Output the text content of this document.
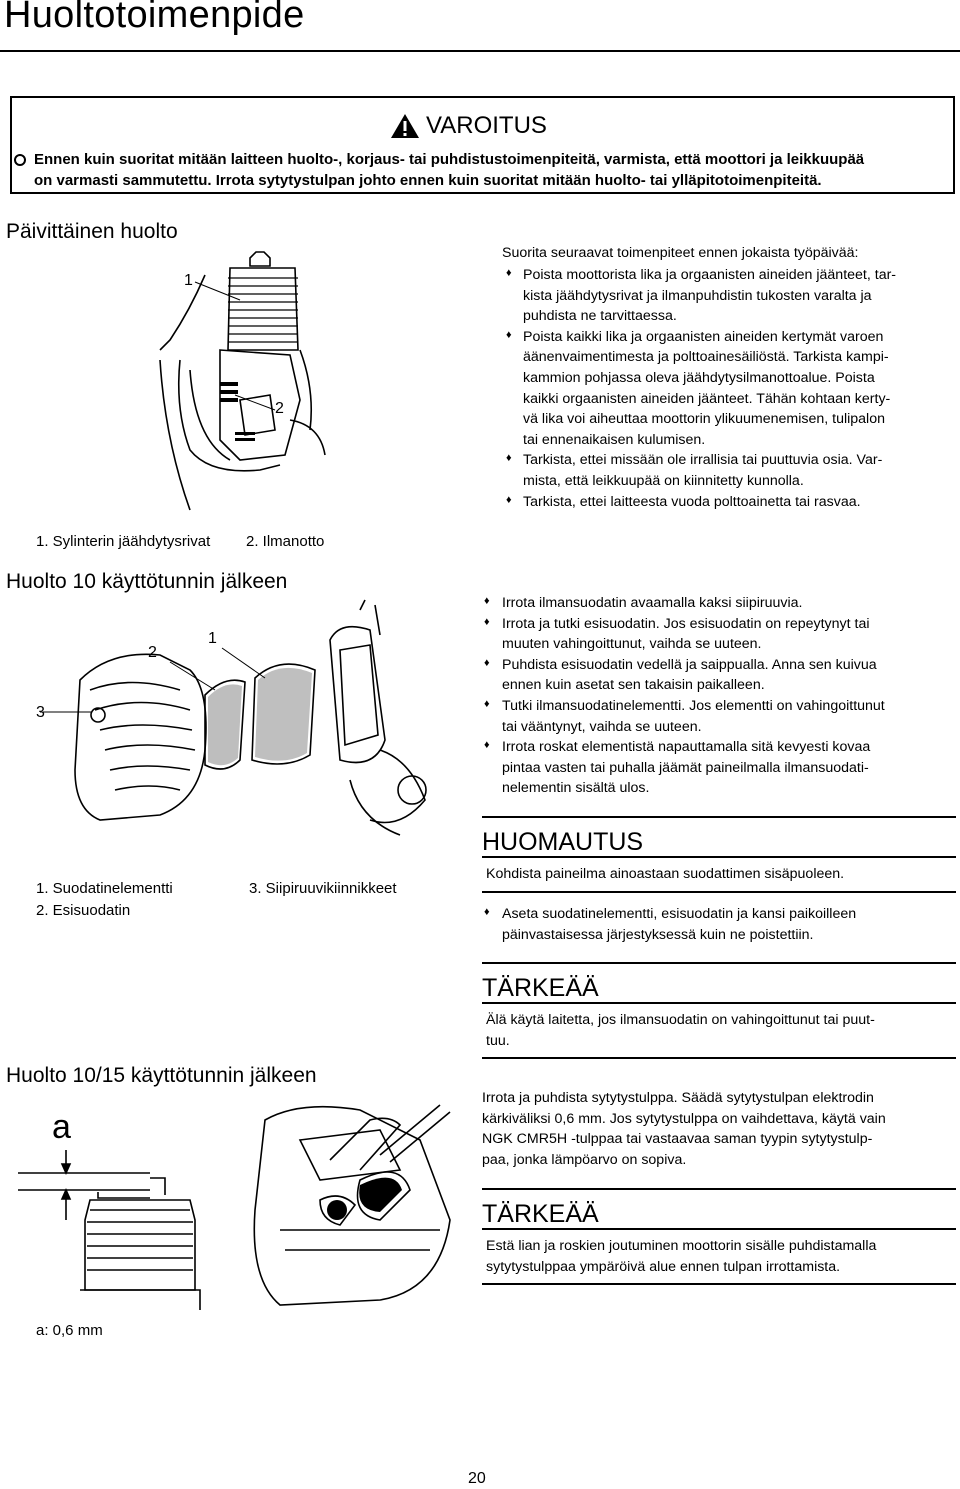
Huoltotoimenpide
VAROITUS
Ennen kuin suoritat mitään laitteen huolto-, korjaus- tai puhdistustoimenpiteitä, varmista, että moottori ja leikkuupää
on varmasti sammutettu. Irrota sytytystulpan johto ennen kuin suoritat mitään huolto- tai ylläpitotoimenpiteitä.
Päivittäinen huolto
1
2
1. Sylinterin jäähdytysrivat 2. Ilmanotto
Suorita seuraavat toimenpiteet ennen jokaista työpäivää:
♦ Poista moottorista lika ja orgaanisten aineiden jäänteet, tar-
kista jäähdytysrivat ja ilmanpuhdistin tukosten varalta ja
puhdista ne tarvittaessa.
♦ Poista kaikki lika ja orgaanisten aineiden kertymät varoen
äänenvaimentimesta ja polttoainesäiliöstä. Tarkista kampi-
kammion pohjassa oleva jäähdytysilmanottoalue. Poista
kaikki orgaanisten aineiden jäänteet. Tähän kohtaan kerty-
vä lika voi aiheuttaa moottorin ylikuumenemisen, tulipalon
tai ennenaikaisen kulumisen.
♦ Tarkista, ettei missään ole irrallisia tai puuttuvia osia. Var-
mista, että leikkuupää on kiinnitetty kunnolla.
♦ Tarkista, ettei laitteesta vuoda polttoainetta tai rasvaa.
Huolto 10 käyttötunnin jälkeen
1
2
3
1. Suodatinelementti
2. Esisuodatin
3. Siipiruuvikiinnikkeet
♦ Irrota ilmansuodatin avaamalla kaksi siipiruuvia.
♦ Irrota ja tutki esisuodatin. Jos esisuodatin on repeytynyt tai
muuten vahingoittunut, vaihda se uuteen.
♦ Puhdista esisuodatin vedellä ja saippualla. Anna sen kuivua
ennen kuin asetat sen takaisin paikalleen.
♦ Tutki ilmansuodatinelementti. Jos elementti on vahingoittunut
tai vääntynyt, vaihda se uuteen.
♦ Irrota roskat elementistä napauttamalla sitä kevyesti kovaa
pintaa vasten tai puhalla jäämät paineilmalla ilmansuodati-
nelementin sisältä ulos.
HUOMAUTUS
Kohdista paineilma ainoastaan suodattimen sisäpuoleen.
♦ Aseta suodatinelementti, esisuodatin ja kansi paikoilleen
päinvastaisessa järjestyksessä kuin ne poistettiin.
TÄRKEÄÄ
Älä käytä laitetta, jos ilmansuodatin on vahingoittunut tai puut-
tuu.
Huolto 10/15 käyttötunnin jälkeen
a
a: 0,6 mm
Irrota ja puhdista sytytystulppa. Säädä sytytystulpan elektrodin
kärkiväliksi 0,6 mm. Jos sytytystulppa on vaihdettava, käytä vain
NGK CMR5H -tulppaa tai vastaavaa saman tyypin sytytystulp-
paa, jonka lämpöarvo on sopiva.
TÄRKEÄÄ
Estä lian ja roskien joutuminen moottorin sisälle puhdistamalla
sytytystulppaa ympäröivä alue ennen tulpan irrottamista.
20
